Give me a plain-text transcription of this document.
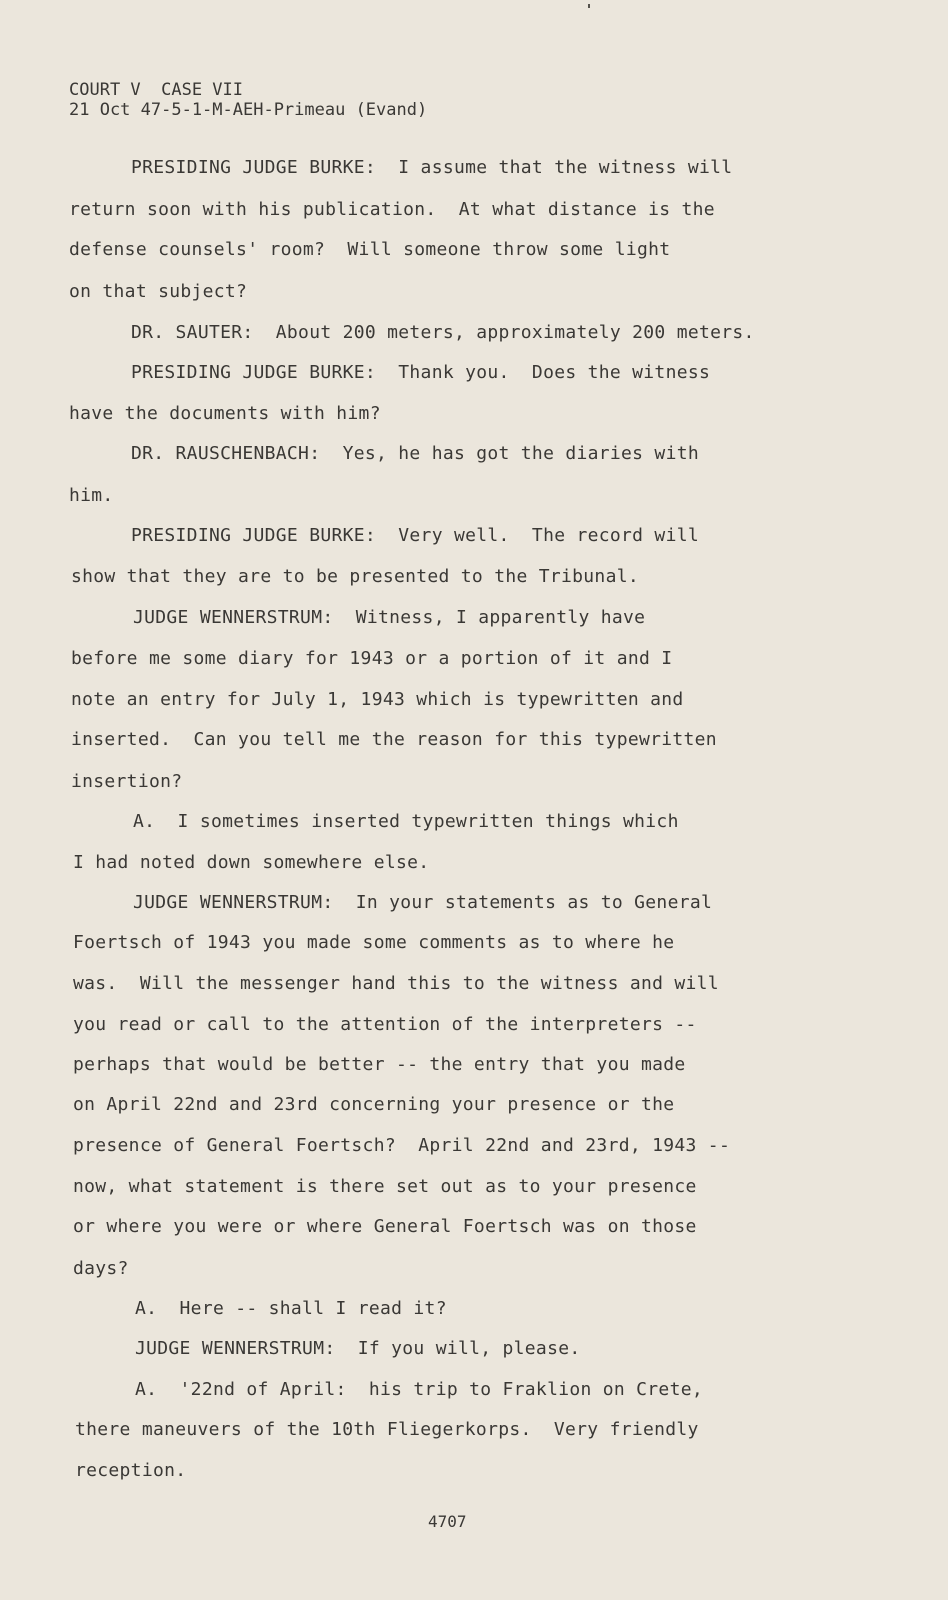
COURT V  CASE VII
21 Oct 47-5-1-M-AEH-Primeau (Evand)
PRESIDING JUDGE BURKE:  I assume that the witness will
return soon with his publication.  At what distance is the
defense counsels' room?  Will someone throw some light
on that subject?
DR. SAUTER:  About 200 meters, approximately 200 meters.
PRESIDING JUDGE BURKE:  Thank you.  Does the witness
have the documents with him?
DR. RAUSCHENBACH:  Yes, he has got the diaries with
him.
PRESIDING JUDGE BURKE:  Very well.  The record will
show that they are to be presented to the Tribunal.
JUDGE WENNERSTRUM:  Witness, I apparently have
before me some diary for 1943 or a portion of it and I
note an entry for July 1, 1943 which is typewritten and
inserted.  Can you tell me the reason for this typewritten
insertion?
A.  I sometimes inserted typewritten things which
I had noted down somewhere else.
JUDGE WENNERSTRUM:  In your statements as to General
Foertsch of 1943 you made some comments as to where he
was.  Will the messenger hand this to the witness and will
you read or call to the attention of the interpreters --
perhaps that would be better -- the entry that you made
on April 22nd and 23rd concerning your presence or the
presence of General Foertsch?  April 22nd and 23rd, 1943 --
now, what statement is there set out as to your presence
or where you were or where General Foertsch was on those
days?
A.  Here -- shall I read it?
JUDGE WENNERSTRUM:  If you will, please.
A.  '22nd of April:  his trip to Fraklion on Crete,
there maneuvers of the 10th Fliegerkorps.  Very friendly
reception.
4707
